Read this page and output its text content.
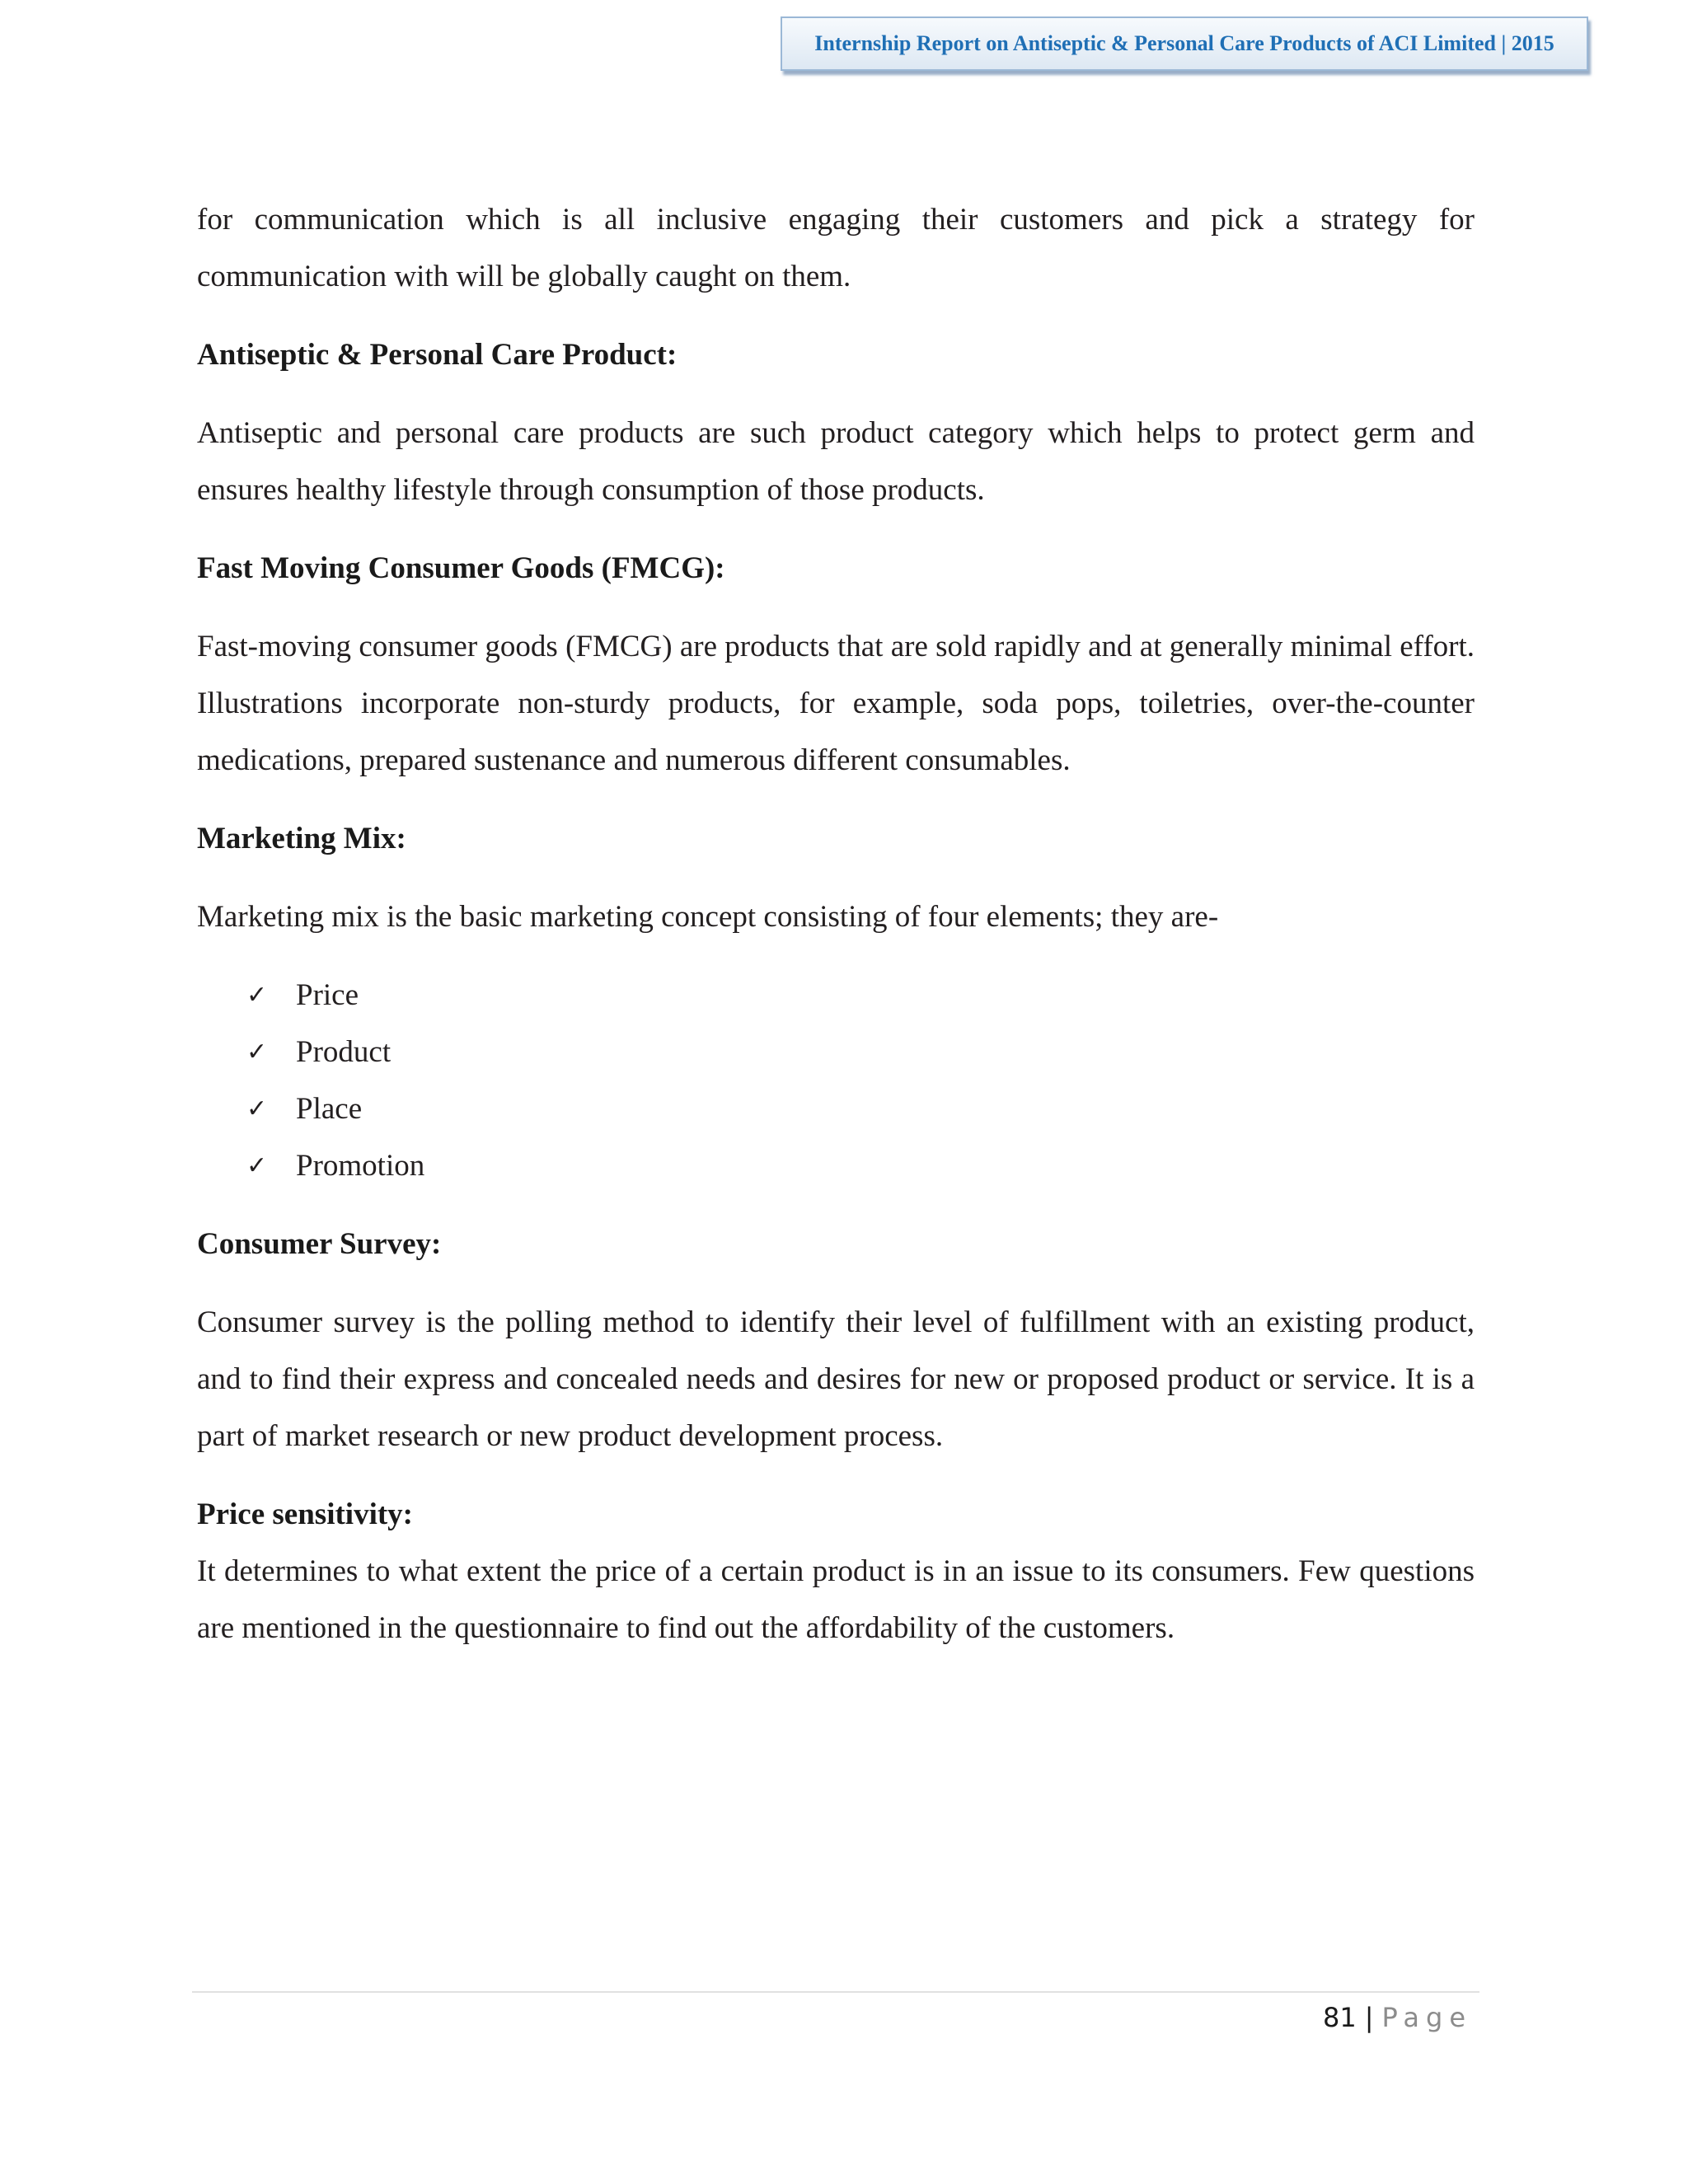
Internship Report on Antiseptic & Personal Care Products of ACI Limited | 2015

for communication which is all inclusive engaging their customers and pick a strategy for communication with will be globally caught on them.

Antiseptic & Personal Care Product:

Antiseptic and personal care products are such product category which helps to protect germ and ensures healthy lifestyle through consumption of those products.

Fast Moving Consumer Goods (FMCG):

Fast-moving consumer goods (FMCG) are products that are sold rapidly and at generally minimal effort. Illustrations incorporate non-sturdy products, for example, soda pops, toiletries, over-the-counter medications, prepared sustenance and numerous different consumables.

Marketing Mix:

Marketing mix is the basic marketing concept consisting of four elements; they are-

✓ Price
✓ Product
✓ Place
✓ Promotion
Consumer Survey:

Consumer survey is the polling method to identify their level of fulfillment with an existing product, and to find their express and concealed needs and desires for new or proposed product or service. It is a part of market research or new product development process.

Price sensitivity:

It determines to what extent the price of a certain product is in an issue to its consumers. Few questions are mentioned in the questionnaire to find out the affordability of the customers.

81 | Page
